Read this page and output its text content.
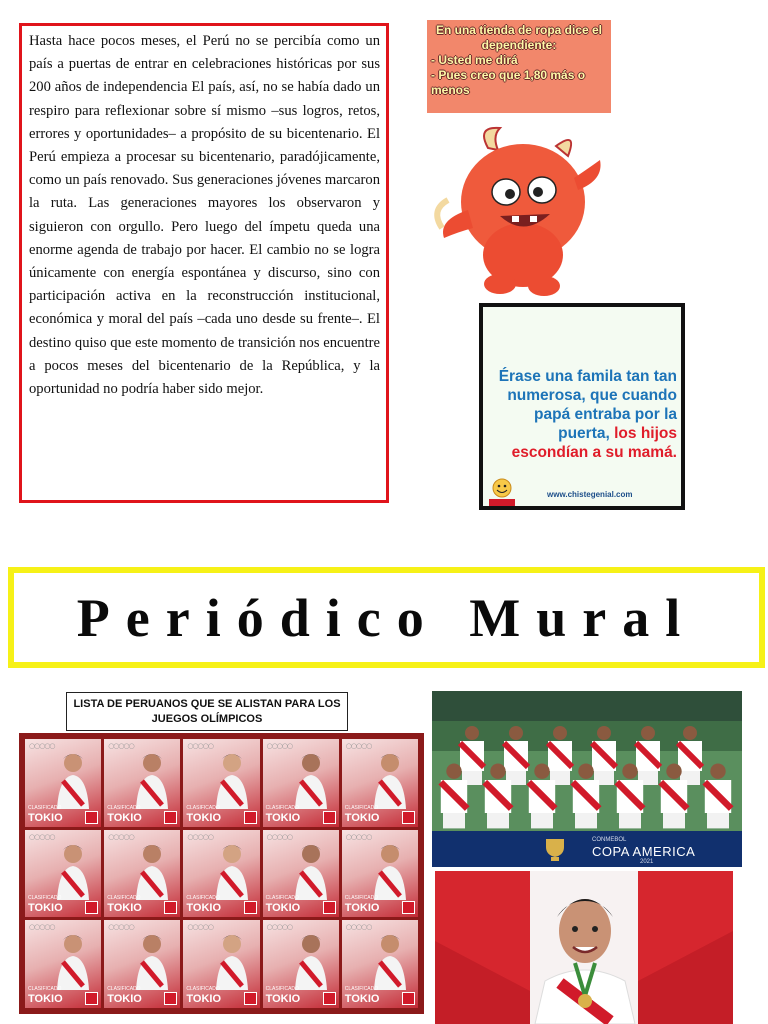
Hasta hace pocos meses, el Perú no se percibía como un país a puertas de entrar en celebraciones históricas por sus 200 años de independencia El país, así, no se había dado un respiro para reflexionar sobre sí mismo –sus logros, retos, errores y oportunidades– a propósito de su bicentenario. El Perú empieza a procesar su bicentenario, paradójicamente, como un país renovado. Sus generaciones jóvenes marcaron la ruta. Las generaciones mayores los observaron y siguieron con orgullo. Pero luego del ímpetu queda una enorme agenda de trabajo por hacer. El cambio no se logra únicamente con energía espontánea y discurso, sino con participación activa en la reconstrucción institucional, económica y moral del país –cada uno desde su frente–. El destino quiso que este momento de transición nos encuentre a pocos meses del bicentenario de la República, y la oportunidad no podría haber sido mejor.

En una tienda de ropa dice el dependiente:
- Usted me dirá
- Pues creo que 1,80 más o menos
Érase una famila tan tan numerosa, que cuando papá entraba por la puerta, los hijos escondían a su mamá.
www.chistegenial.com
Periódico Mural
LISTA DE PERUANOS QUE SE ALISTAN PARA LOS JUEGOS OLÍMPICOS
○○○○○
CLASIFICADO
TOKIO
○○○○○
CLASIFICADO
TOKIO
○○○○○
CLASIFICADO
TOKIO
○○○○○
CLASIFICADO
TOKIO
○○○○○
CLASIFICADO
TOKIO
○○○○○
CLASIFICADO
TOKIO
○○○○○
CLASIFICADO
TOKIO
○○○○○
CLASIFICADO
TOKIO
○○○○○
CLASIFICADO
TOKIO
○○○○○
CLASIFICADO
TOKIO
○○○○○
CLASIFICADO
TOKIO
○○○○○
CLASIFICADO
TOKIO
○○○○○
CLASIFICADO
TOKIO
○○○○○
CLASIFICADO
TOKIO
○○○○○
CLASIFICADO
TOKIO
CONMEBOL
COPA AMERICA
2021
